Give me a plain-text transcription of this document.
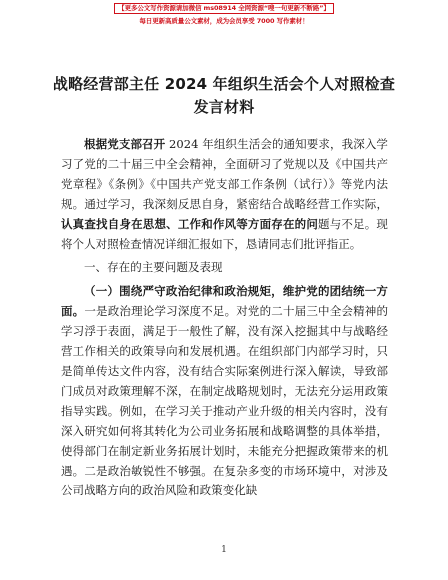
【更多公文写作资源请加微信 ms08914 全网资源“嗖一句更新不断路”】
每日更新高质量公文素材，成为会员享受 7000 写作素材！
战略经营部主任 2024 年组织生活会个人对照检查发言材料

根据党支部召开 2024 年组织生活会的通知要求，我深入学习了党的二十届三中全会精神，全面研习了党规以及《中国共产党章程》《条例》《中国共产党支部工作条例（试行）》等党内法规。通过学习，我深刻反思自身，紧密结合战略经营工作实际，认真查找自身在思想、工作和作风等方面存在的问题与不足。现将个人对照检查情况详细汇报如下，恳请同志们批评指正。

一、存在的主要问题及表现

（一）围绕严守政治纪律和政治规矩，维护党的团结统一方面。一是政治理论学习深度不足。对党的二十届三中全会精神的学习浮于表面，满足于一般性了解，没有深入挖掘其中与战略经营工作相关的政策导向和发展机遇。在组织部门内部学习时，只是简单传达文件内容，没有结合实际案例进行深入解读，导致部门成员对政策理解不深，在制定战略规划时，无法充分运用政策指导实践。例如，在学习关于推动产业升级的相关内容时，没有深入研究如何将其转化为公司业务拓展和战略调整的具体举措，使得部门在制定新业务拓展计划时，未能充分把握政策带来的机遇。二是政治敏锐性不够强。在复杂多变的市场环境中，对涉及公司战略方向的政治风险和政策变化缺

1
